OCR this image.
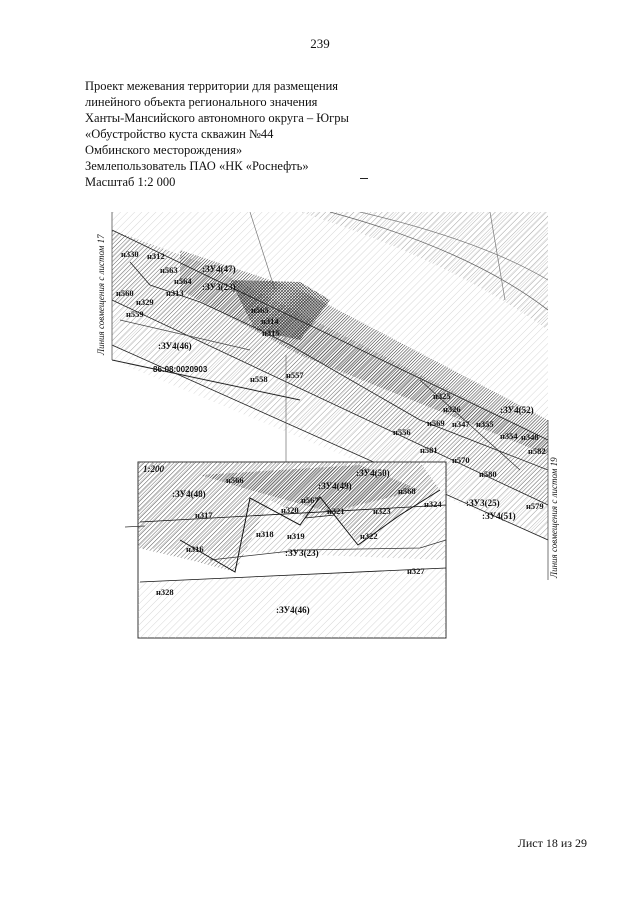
239
Проект межевания территории для размещения
линейного объекта регионального значения
Ханты-Мансийского автономного округа – Югры
«Обустройство куста скважин №44
Омбинского месторождения»
Землепользователь ПАО «НК «Роснефть»
Масштаб 1:2 000
Линия совмещения с листом 17
Линия совмещения с листом 19
86:08:0020903
:ЗУ4(47)
:ЗУ3(23)
:ЗУ4(46)
:ЗУ4(52)
:ЗУ3(25)
:ЗУ4(51)
н330 н312
н563
н564
н313
н560
н329
н559	н565
н314
н315
н558 н557
н325
н326
н569 н347 н355
н354 н348
н582
н556
н581
н570
н580
н579
1:200	:ЗУ4(50)
:ЗУ4(48)
:ЗУ4(49)
:ЗУ3(23)
:ЗУ4(46)
н566
н567
н568
н317	н320	н321	н323
н324
н318 н319	н322
н316
н327
н328
Лист 18 из 29
